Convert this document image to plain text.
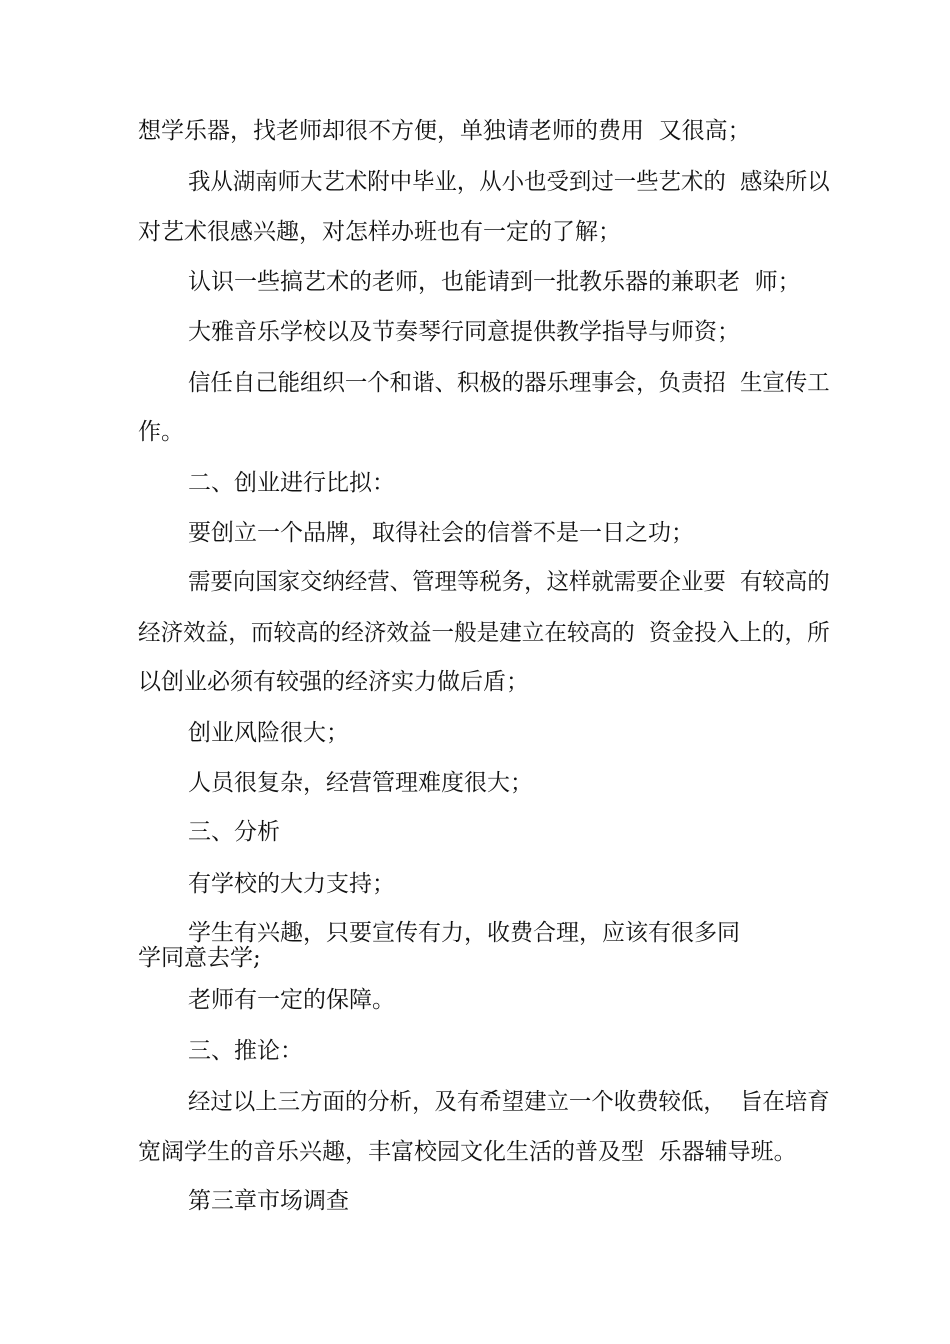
想学乐器，找老师却很不方便，单独请老师的费用  又很高；
我从湖南师大艺术附中毕业，从小也受到过一些艺术的  感染所以
对艺术很感兴趣，对怎样办班也有一定的了解；
认识一些搞艺术的老师，也能请到一批教乐器的兼职老  师；
大雅音乐学校以及节奏琴行同意提供教学指导与师资；
信任自己能组织一个和谐、积极的器乐理事会，负责招  生宣传工
作。
二、创业进行比拟：
要创立一个品牌，取得社会的信誉不是一日之功；
需要向国家交纳经营、管理等税务，这样就需要企业要  有较高的
经济效益，而较高的经济效益一般是建立在较高的  资金投入上的，所
以创业必须有较强的经济实力做后盾；
创业风险很大；
人员很复杂，经营管理难度很大；
三、分析
有学校的大力支持；
学生有兴趣，只要宣传有力，收费合理，应该有很多同
学同意去学;
老师有一定的保障。
三、推论：
经过以上三方面的分析，及有希望建立一个收费较低，  旨在培育
宽阔学生的音乐兴趣，丰富校园文化生活的普及型  乐器辅导班。
第三章市场调查
